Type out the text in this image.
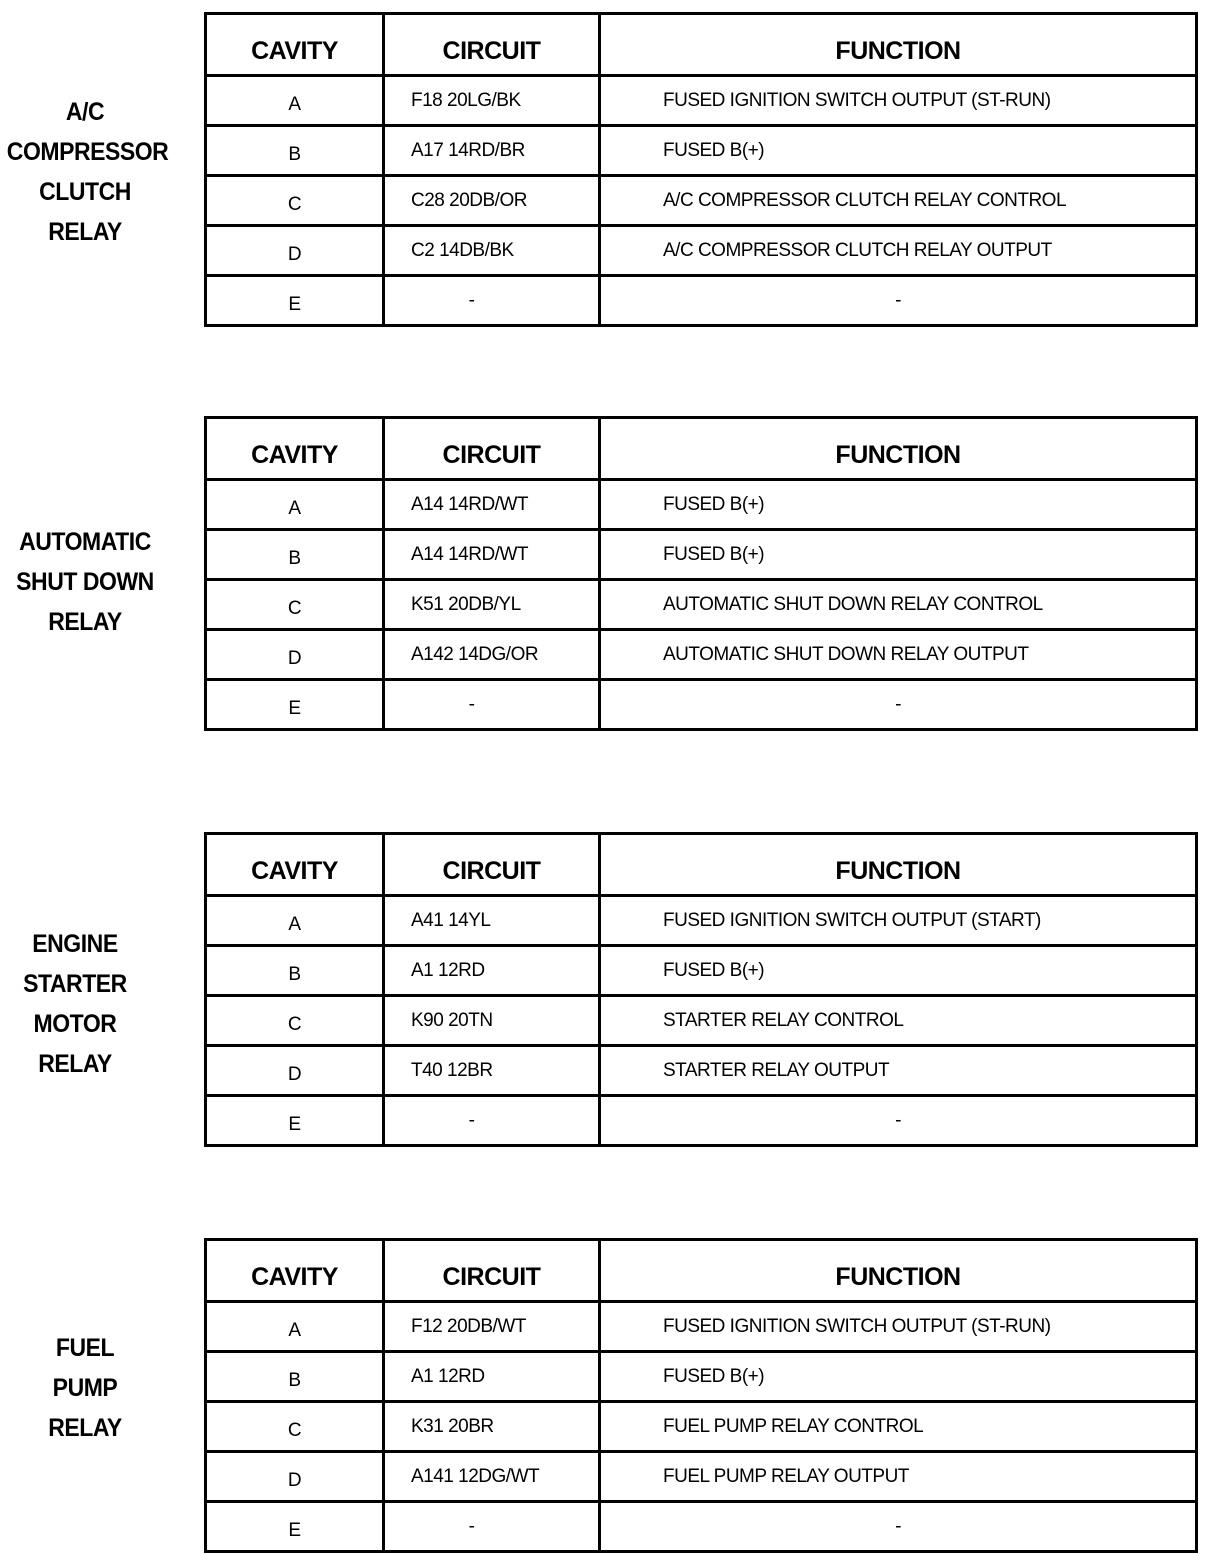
A/C
COMPRESSOR
CLUTCH
RELAY
CAVITY	CIRCUIT	FUNCTION
A	F18 20LG/BK	FUSED IGNITION SWITCH OUTPUT (ST-RUN)
B	A17 14RD/BR	FUSED B(+)
C	C28 20DB/OR	A/C COMPRESSOR CLUTCH RELAY CONTROL
D	C2 14DB/BK	A/C COMPRESSOR CLUTCH RELAY OUTPUT
E	-	-
AUTOMATIC
SHUT DOWN
RELAY
CAVITY	CIRCUIT	FUNCTION
A	A14 14RD/WT	FUSED B(+)
B	A14 14RD/WT	FUSED B(+)
C	K51 20DB/YL	AUTOMATIC SHUT DOWN RELAY CONTROL
D	A142 14DG/OR	AUTOMATIC SHUT DOWN RELAY OUTPUT
E	-	-
ENGINE
STARTER
MOTOR
RELAY
CAVITY	CIRCUIT	FUNCTION
A	A41 14YL	FUSED IGNITION SWITCH OUTPUT (START)
B	A1 12RD	FUSED B(+)
C	K90 20TN	STARTER RELAY CONTROL
D	T40 12BR	STARTER RELAY OUTPUT
E	-	-
FUEL
PUMP
RELAY
CAVITY	CIRCUIT	FUNCTION
A	F12 20DB/WT	FUSED IGNITION SWITCH OUTPUT (ST-RUN)
B	A1 12RD	FUSED B(+)
C	K31 20BR	FUEL PUMP RELAY CONTROL
D	A141 12DG/WT	FUEL PUMP RELAY OUTPUT
E	-	-
